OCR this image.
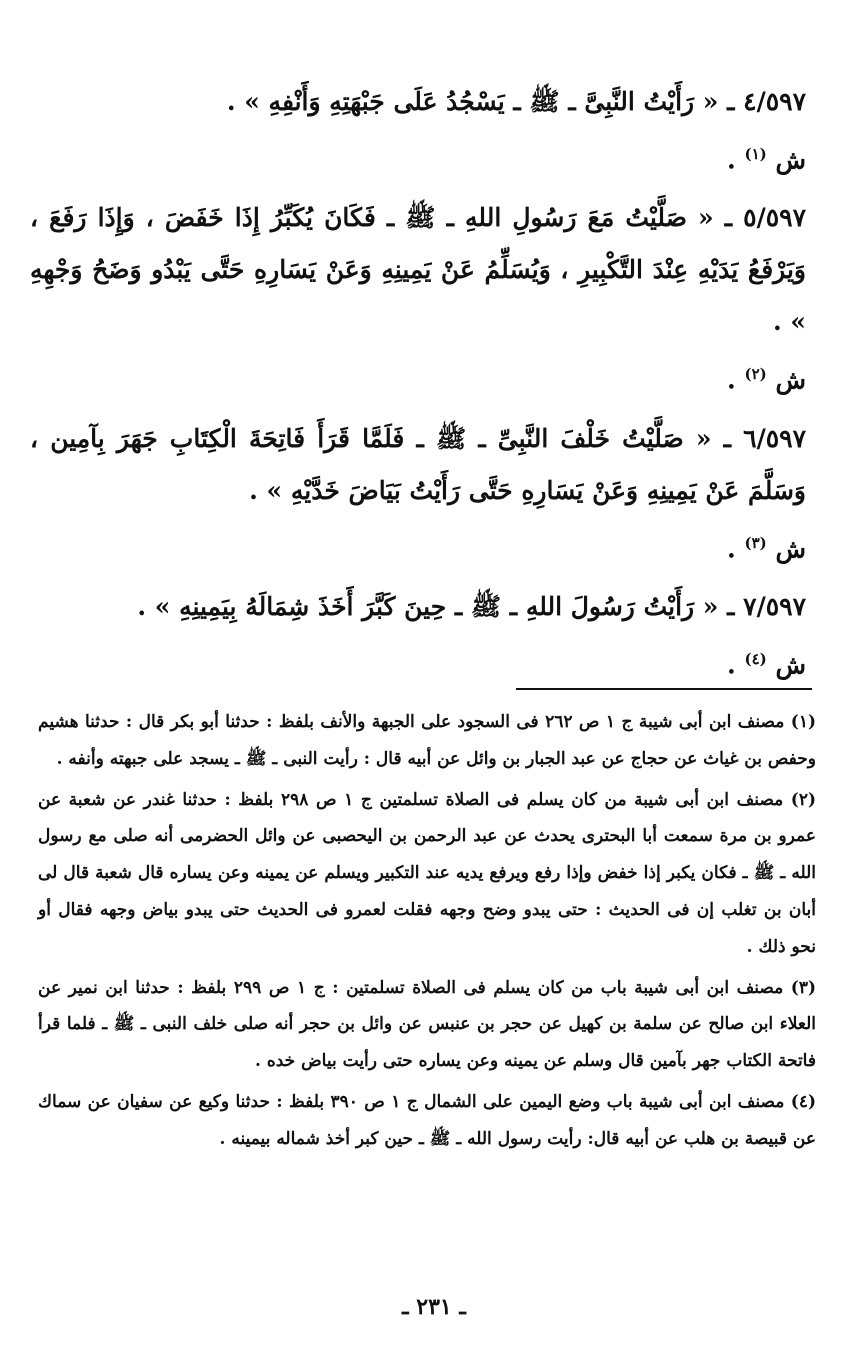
٤/٥٩٧ ـ « رَأَيْتُ النَّبِىَّ ـ ﷺ ـ يَسْجُدُ عَلَى جَبْهَتِهِ وَأَنْفِهِ » .

ش $^{(١)}$ .

٥/٥٩٧ ـ « صَلَّيْتُ مَعَ رَسُولِ اللهِ ـ ﷺ ـ فَكَانَ يُكَبِّرُ إِذَا خَفَضَ ، وَإِذَا رَفَعَ ، وَيَرْفَعُ يَدَيْهِ عِنْدَ التَّكْبِيرِ ، وَيُسَلِّمُ عَنْ يَمِينِهِ وَعَنْ يَسَارِهِ حَتَّى يَبْدُو وَضَحُ وَجْهِهِ » .

ش $^{(٢)}$ .

٦/٥٩٧ ـ « صَلَّيْتُ خَلْفَ النَّبِىِّ ـ ﷺ ـ فَلَمَّا قَرَأَ فَاتِحَةَ الْكِتَابِ جَهَرَ بِآمِين ، وَسَلَّمَ عَنْ يَمِينِهِ وَعَنْ يَسَارِهِ حَتَّى رَأَيْتُ بَيَاضَ خَدَّيْهِ » .

ش $^{(٣)}$ .

٧/٥٩٧ ـ « رَأَيْتُ رَسُولَ اللهِ ـ ﷺ ـ حِينَ كَبَّرَ أَخَذَ شِمَالَهُ بِيَمِينِهِ » .

ش $^{(٤)}$ .

(١) مصنف ابن أبى شيبة ج ١ ص ٢٦٢ فى السجود على الجبهة والأنف بلفظ : حدثنا أبو بكر قال : حدثنا هشيم وحفص بن غياث عن حجاج عن عبد الجبار بن وائل عن أبيه قال : رأيت النبى ـ ﷺ ـ يسجد على جبهته وأنفه .

(٢) مصنف ابن أبى شيبة من كان يسلم فى الصلاة تسلمتين ج ١ ص ٢٩٨ بلفظ : حدثنا غندر عن شعبة عن عمرو بن مرة سمعت أبا البحترى يحدث عن عبد الرحمن بن اليحصبى عن وائل الحضرمى أنه صلى مع رسول الله ـ ﷺ ـ فكان يكبر إذا خفض وإذا رفع ويرفع يديه عند التكبير ويسلم عن يمينه وعن يساره قال شعبة قال لى أبان بن تغلب إن فى الحديث : حتى يبدو وضح وجهه فقلت لعمرو فى الحديث حتى يبدو بياض وجهه فقال أو نحو ذلك .

(٣) مصنف ابن أبى شيبة باب من كان يسلم فى الصلاة تسلمتين : ج ١ ص ٢٩٩ بلفظ : حدثنا ابن نمير عن العلاء ابن صالح عن سلمة بن كهيل عن حجر بن عنبس عن وائل بن حجر أنه صلى خلف النبى ـ ﷺ ـ فلما قرأ فاتحة الكتاب جهر بآمين قال وسلم عن يمينه وعن يساره حتى رأيت بياض خده .

(٤) مصنف ابن أبى شيبة باب وضع اليمين على الشمال ج ١ ص ٣٩٠ بلفظ : حدثنا وكيع عن سفيان عن سماك عن قبيصة بن هلب عن أبيه قال: رأيت رسول الله ـ ﷺ ـ حين كبر أخذ شماله بيمينه .

ـ ٢٣١ ـ
